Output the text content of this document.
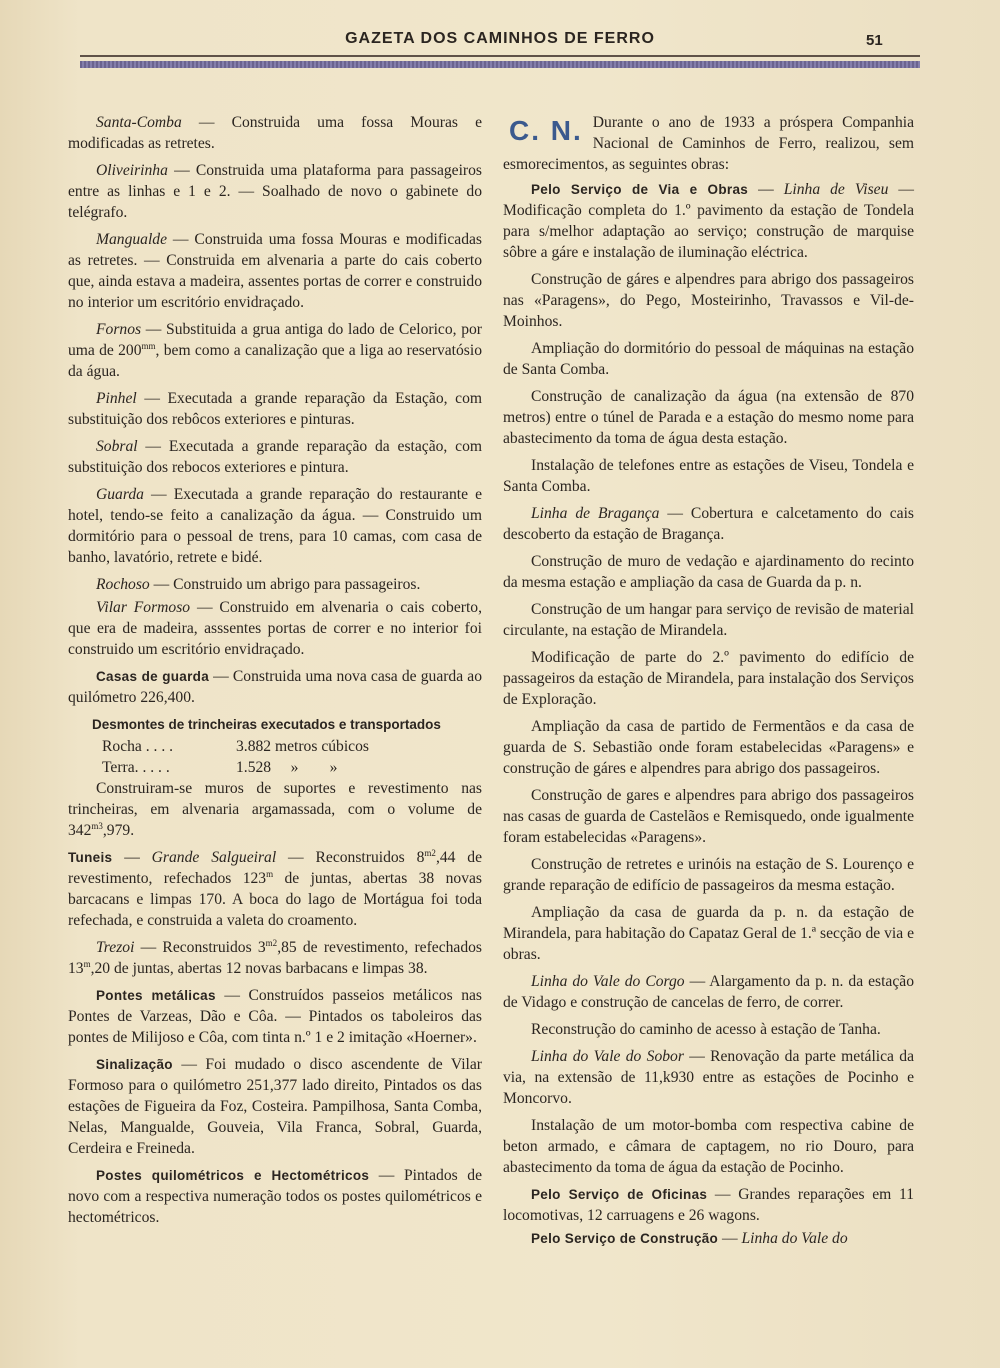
GAZETA DOS CAMINHOS DE FERRO	51

Santa-Comba — Construida uma fossa Mouras e modificadas as retretes.

Oliveirinha — Construida uma plataforma para passageiros entre as linhas e 1 e 2. — Soalhado de novo o gabinete do telégrafo.

Mangualde — Construida uma fossa Mouras e modificadas as retretes. — Construida em alvenaria a parte do cais coberto que, ainda estava a madeira, assentes portas de correr e construido no interior um escritório envidraçado.

Fornos — Substituida a grua antiga do lado de Celorico, por uma de $200^{mm}$, bem como a canalização que a liga ao reservatósio da água.

Pinhel — Executada a grande reparação da Estação, com substituição dos rebôcos exteriores e pinturas.

Sobral — Executada a grande reparação da estação, com substituição dos rebocos exteriores e pintura.

Guarda — Executada a grande reparação do restaurante e hotel, tendo-se feito a canalização da água. — Construido um dormitório para o pessoal de trens, para 10 camas, com casa de banho, lavatório, retrete e bidé.

Rochoso — Construido um abrigo para passageiros.

Vilar Formoso — Construido em alvenaria o cais coberto, que era de madeira, asssentes portas de correr e no interior foi construido um escritório envidraçado.

Casas de guarda — Construida uma nova casa de guarda ao quilómetro 226,400.

Desmontes de trincheiras executados e transportados
Rocha . . . .	3.882 metros cúbicos
Terra. . . . .	1.528     »        »

Construiram-se muros de suportes e revestimento nas trincheiras, em alvenaria argamassada, com o volume de $342^{m3},979$.

Tuneis — Grande Salgueiral — Reconstruidos $8^{m2},44$ de revestimento, refechados 123$^m$ de juntas, abertas 38 novas barcacans e limpas 170. A boca do lago de Mortágua foi toda refechada, e construida a valeta do croamento.

Trezoi — Reconstruidos $3^{m2},85$ de revestimento, refechados 13$^m$,20 de juntas, abertas 12 novas barbacans e limpas 38.

Pontes metálicas — Construídos passeios metálicos nas Pontes de Varzeas, Dão e Côa. — Pintados os taboleiros das pontes de Milijoso e Côa, com tinta n.º 1 e 2 imitação «Hoerner».

Sinalização — Foi mudado o disco ascendente de Vilar Formoso para o quilómetro 251,377 lado direito, Pintados os das estações de Figueira da Foz, Costeira. Pampilhosa, Santa Comba, Nelas, Mangualde, Gouveia, Vila Franca, Sobral, Guarda, Cerdeira e Freineda.

Postes quilométricos e Hectométricos — Pintados de novo com a respectiva numeração todos os postes quilométricos e hectométricos.

C. N. Durante o ano de 1933 a próspera Companhia Nacional de Caminhos de Ferro, realizou, sem esmorecimentos, as seguintes obras:

Pelo Serviço de Via e Obras — Linha de Viseu — Modificação completa do 1.º pavimento da estação de Tondela para s/melhor adaptação ao serviço; construção de marquise sôbre a gáre e instalação de iluminação eléctrica.

Construção de gáres e alpendres para abrigo dos passageiros nas «Paragens», do Pego, Mosteirinho, Travassos e Vil-de-Moinhos.

Ampliação do dormitório do pessoal de máquinas na estação de Santa Comba.

Construção de canalização da água (na extensão de 870 metros) entre o túnel de Parada e a estação do mesmo nome para abastecimento da toma de água desta estação.

Instalação de telefones entre as estações de Viseu, Tondela e Santa Comba.

Linha de Bragança — Cobertura e calcetamento do cais descoberto da estação de Bragança.

Construção de muro de vedação e ajardinamento do recinto da mesma estação e ampliação da casa de Guarda da p. n.

Construção de um hangar para serviço de revisão de material circulante, na estação de Mirandela.

Modificação de parte do 2.º pavimento do edifício de passageiros da estação de Mirandela, para instalação dos Serviços de Exploração.

Ampliação da casa de partido de Fermentãos e da casa de guarda de S. Sebastião onde foram estabelecidas «Paragens» e construção de gáres e alpendres para abrigo dos passageiros.

Construção de gares e alpendres para abrigo dos passageiros nas casas de guarda de Castelãos e Remisquedo, onde igualmente foram estabelecidas «Paragens».

Construção de retretes e urinóis na estação de S. Lourenço e grande reparação de edifício de passageiros da mesma estação.

Ampliação da casa de guarda da p. n. da estação de Mirandela, para habitação do Capataz Geral de 1.ª secção de via e obras.

Linha do Vale do Corgo — Alargamento da p. n. da estação de Vidago e construção de cancelas de ferro, de correr.

Reconstrução do caminho de acesso à estação de Tanha.

Linha do Vale do Sobor — Renovação da parte metálica da via, na extensão de 11,k930 entre as estações de Pocinho e Moncorvo.

Instalação de um motor-bomba com respectiva cabine de beton armado, e câmara de captagem, no rio Douro, para abastecimento da toma de água da estação de Pocinho.

Pelo Serviço de Oficinas — Grandes reparações em 11 locomotivas, 12 carruagens e 26 wagons.

Pelo Serviço de Construção — Linha do Vale do
